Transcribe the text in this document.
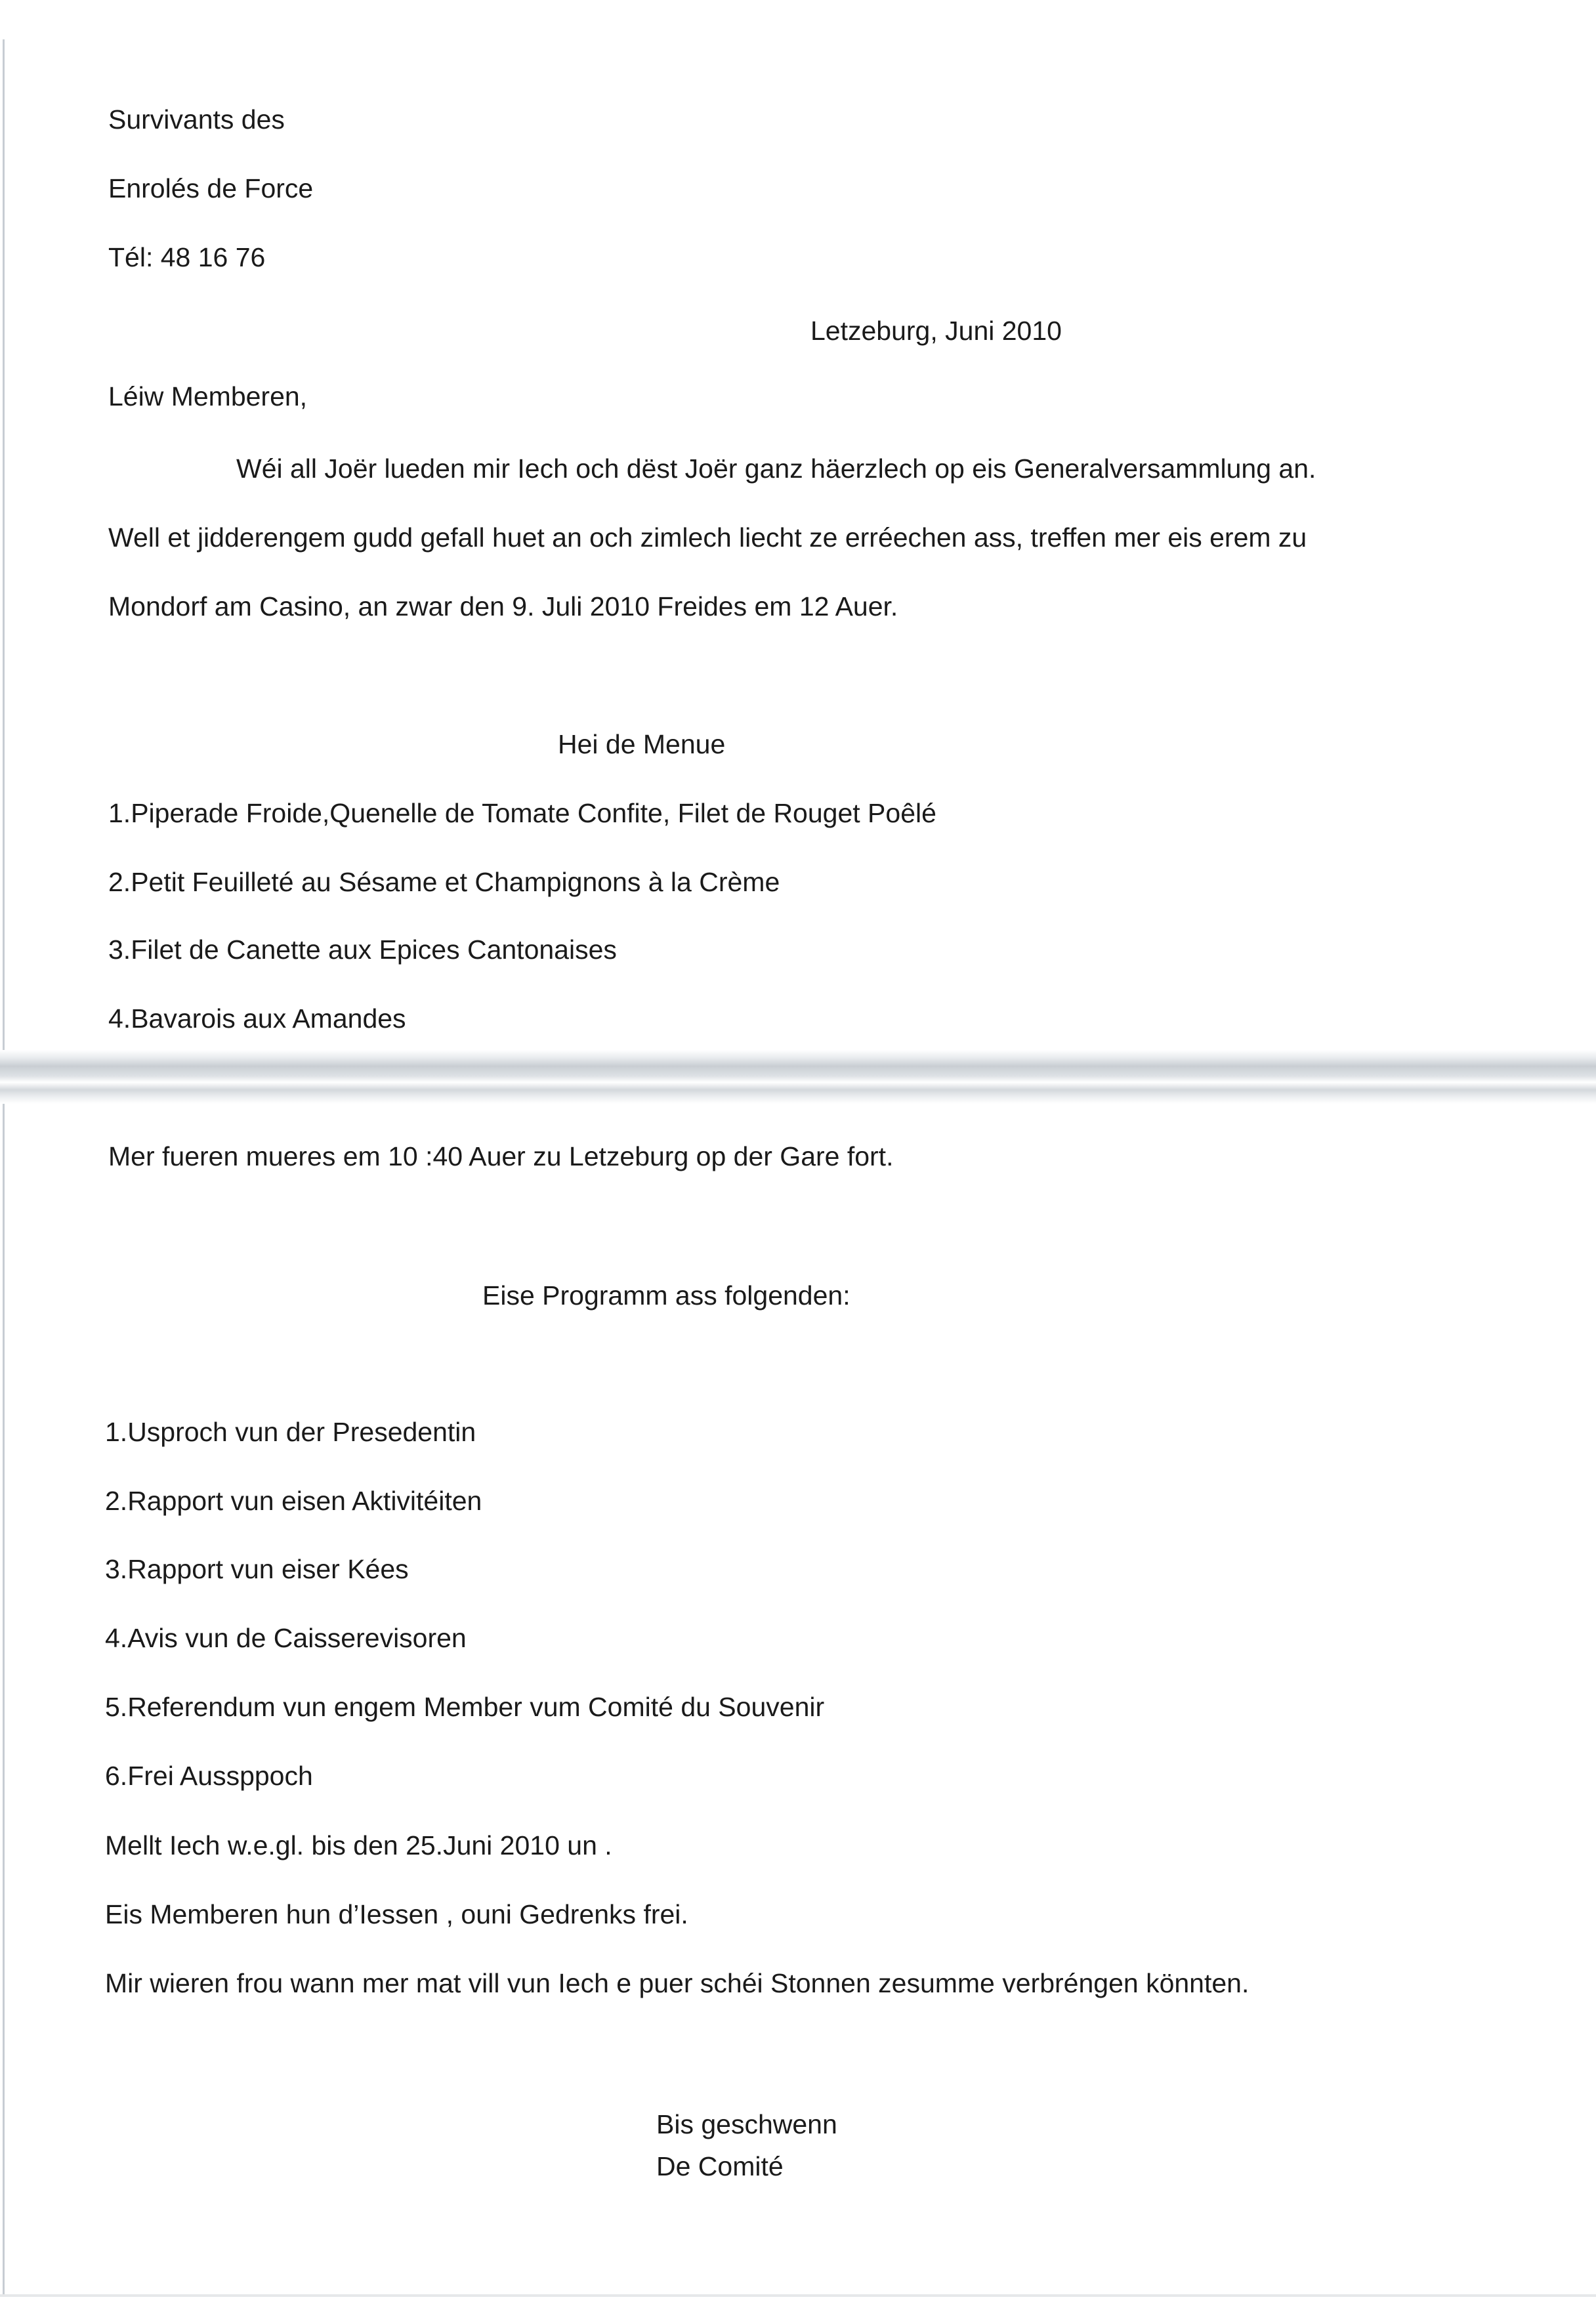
Survivants des
Enrolés de Force
Tél: 48 16 76
Letzeburg, Juni 2010
Léiw Memberen,
Wéi all Joër lueden mir Iech och dëst Joër ganz häerzlech op eis Generalversammlung an.
Well et jidderengem gudd gefall huet an och zimlech liecht ze erréechen ass, treffen mer eis erem zu
Mondorf am Casino, an zwar den 9. Juli 2010 Freides em 12 Auer.
Hei de Menue
1.Piperade Froide,Quenelle de Tomate Confite, Filet de Rouget Poêlé
2.Petit Feuilleté au Sésame et Champignons à la Crème
3.Filet de Canette aux Epices Cantonaises
4.Bavarois aux Amandes
Mer fueren mueres em 10 :40 Auer zu Letzeburg op der Gare fort.
Eise Programm ass folgenden:
1.Usproch vun der Presedentin
2.Rapport vun eisen Aktivitéiten
3.Rapport vun eiser Kées
4.Avis vun de Caisserevisoren
5.Referendum vun engem Member vum Comité du Souvenir
6.Frei Ausspроch
Mellt Iech w.e.gl. bis den 25.Juni 2010 un .
Eis Memberen hun d’Iessen , ouni Gedrenks frei.
Mir wieren frou wann mer mat vill vun Iech e puer schéi Stonnen zesumme verbréngen könnten.
Bis geschwenn
De Comité
